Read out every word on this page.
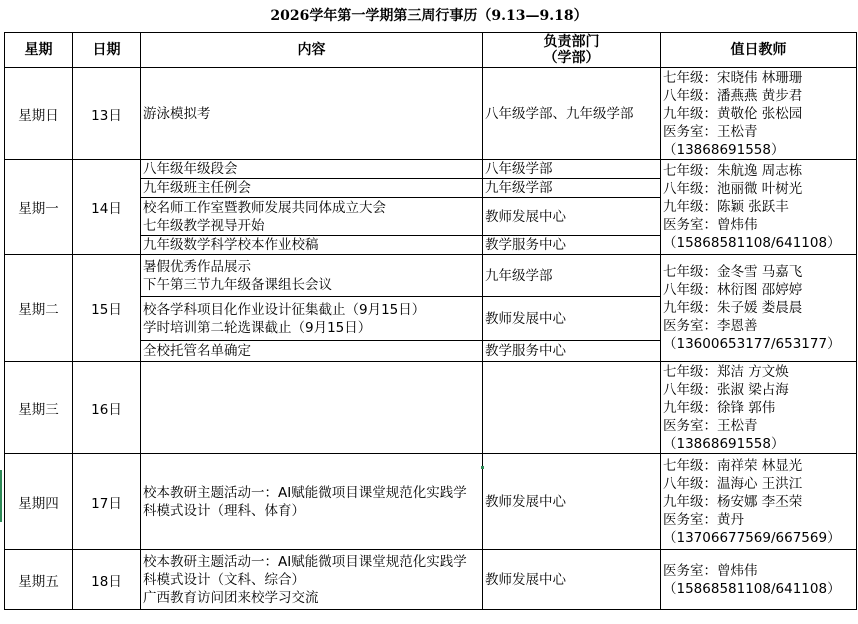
2026学年第一学期第三周行事历（9.13—9.18）
星期	日期	内容	负责部门
（学部）	值日教师
星期日	13日	游泳模拟考	八年级学部、九年级学部	七年级：宋晓伟 林珊珊
八年级：潘燕燕 黄步君
九年级：黄敬伦 张松园
医务室：王松青
（13868691558）

星期一	14日	八年级年级段会	八年级学部	七年级：朱航逸 周志栋
八年级：池丽微 叶树光
九年级：陈颖 张跃丰
医务室：曾炜伟
（15868581108/641108）

		九年级班主任例会	九年级学部	

		校名师工作室暨教师发展共同体成立大会
七年级教学视导开始	教师发展中心	

		九年级数学科学校本作业校稿	教学服务中心	
星期二	15日	暑假优秀作品展示
下午第三节九年级备课组长会议	九年级学部	七年级：金冬雪 马嘉飞
八年级：林衍图 邵婷婷
九年级：朱子媛 娄晨晨
医务室：李恩善
（13600653177/653177）

		校各学科项目化作业设计征集截止（9月15日）
学时培训第二轮选课截止（9月15日）	教师发展中心	

		全校托管名单确定	教学服务中心	
星期三	16日			七年级：郑洁 方文焕
八年级：张淑 梁占海
九年级：徐锋 郭伟
医务室：王松青
（13868691558）

星期四	17日	校本教研主题活动一：AI赋能微项目课堂规范化实践学科模式设计（理科、体育）	教师发展中心	七年级：南祥荣 林显光
八年级：温海心 王洪江
九年级：杨安娜 李丕荣
医务室：黄丹
（13706677569/667569）

星期五	18日	校本教研主题活动一：AI赋能微项目课堂规范化实践学科模式设计（文科、综合）
广西教育访问团来校学习交流	教师发展中心	医务室：曾炜伟
（15868581108/641108）
